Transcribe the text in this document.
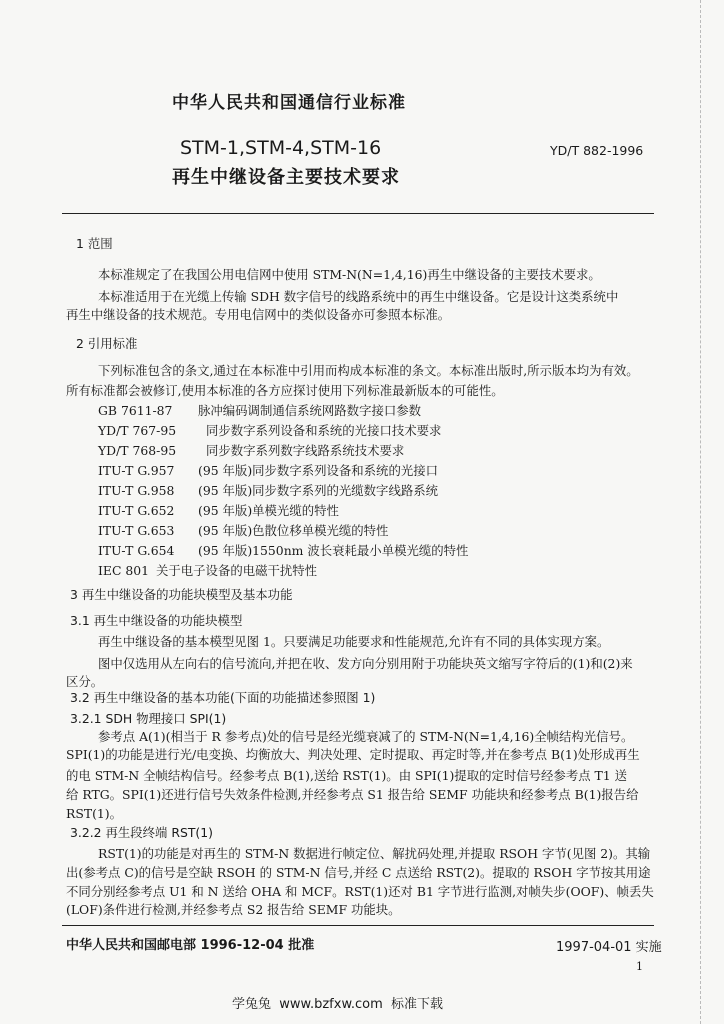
中华人民共和国通信行业标准
STM-1,STM-4,STM-16	YD/T 882-1996
再生中继设备主要技术要求
1 范围
本标准规定了在我国公用电信网中使用 STM-N(N=1,4,16)再生中继设备的主要技术要求。
本标准适用于在光缆上传输 SDH 数字信号的线路系统中的再生中继设备。它是设计这类系统中
再生中继设备的技术规范。专用电信网中的类似设备亦可参照本标准。
2 引用标准
下列标准包含的条文,通过在本标准中引用而构成本标准的条文。本标准出版时,所示版本均为有效。
所有标准都会被修订,使用本标准的各方应探讨使用下列标准最新版本的可能性。
GB 7611-87 脉冲编码调制通信系统网路数字接口参数
YD/T 767-95 同步数字系列设备和系统的光接口技术要求
YD/T 768-95 同步数字系列数字线路系统技术要求
ITU-T G.957 (95 年版)同步数字系列设备和系统的光接口
ITU-T G.958 (95 年版)同步数字系列的光缆数字线路系统
ITU-T G.652 (95 年版)单模光缆的特性
ITU-T G.653 (95 年版)色散位移单模光缆的特性
ITU-T G.654 (95 年版)1550nm 波长衰耗最小单模光缆的特性
IEC 801 关于电子设备的电磁干扰特性
3 再生中继设备的功能块模型及基本功能
3.1 再生中继设备的功能块模型
再生中继设备的基本模型见图 1。只要满足功能要求和性能规范,允许有不同的具体实现方案。
图中仅选用从左向右的信号流向,并把在收、发方向分别用附于功能块英文缩写字符后的(1)和(2)来
区分。
3.2 再生中继设备的基本功能(下面的功能描述参照图 1)
3.2.1 SDH 物理接口 SPI(1)
参考点 A(1)(相当于 R 参考点)处的信号是经光缆衰减了的 STM-N(N=1,4,16)全帧结构光信号。
SPI(1)的功能是进行光/电变换、均衡放大、判决处理、定时提取、再定时等,并在参考点 B(1)处形成再生
的电 STM-N 全帧结构信号。经参考点 B(1),送给 RST(1)。由 SPI(1)提取的定时信号经参考点 T1 送
给 RTG。SPI(1)还进行信号失效条件检测,并经参考点 S1 报告给 SEMF 功能块和经参考点 B(1)报告给
RST(1)。
3.2.2 再生段终端 RST(1)
RST(1)的功能是对再生的 STM-N 数据进行帧定位、解扰码处理,并提取 RSOH 字节(见图 2)。其输
出(参考点 C)的信号是空缺 RSOH 的 STM-N 信号,并经 C 点送给 RST(2)。提取的 RSOH 字节按其用途
不同分别经参考点 U1 和 N 送给 OHA 和 MCF。RST(1)还对 B1 字节进行监测,对帧失步(OOF)、帧丢失
(LOF)条件进行检测,并经参考点 S2 报告给 SEMF 功能块。
中华人民共和国邮电部 1996-12-04 批准	1997-04-01 实施
1
学兔兔  www.bzfxw.com  标准下载
